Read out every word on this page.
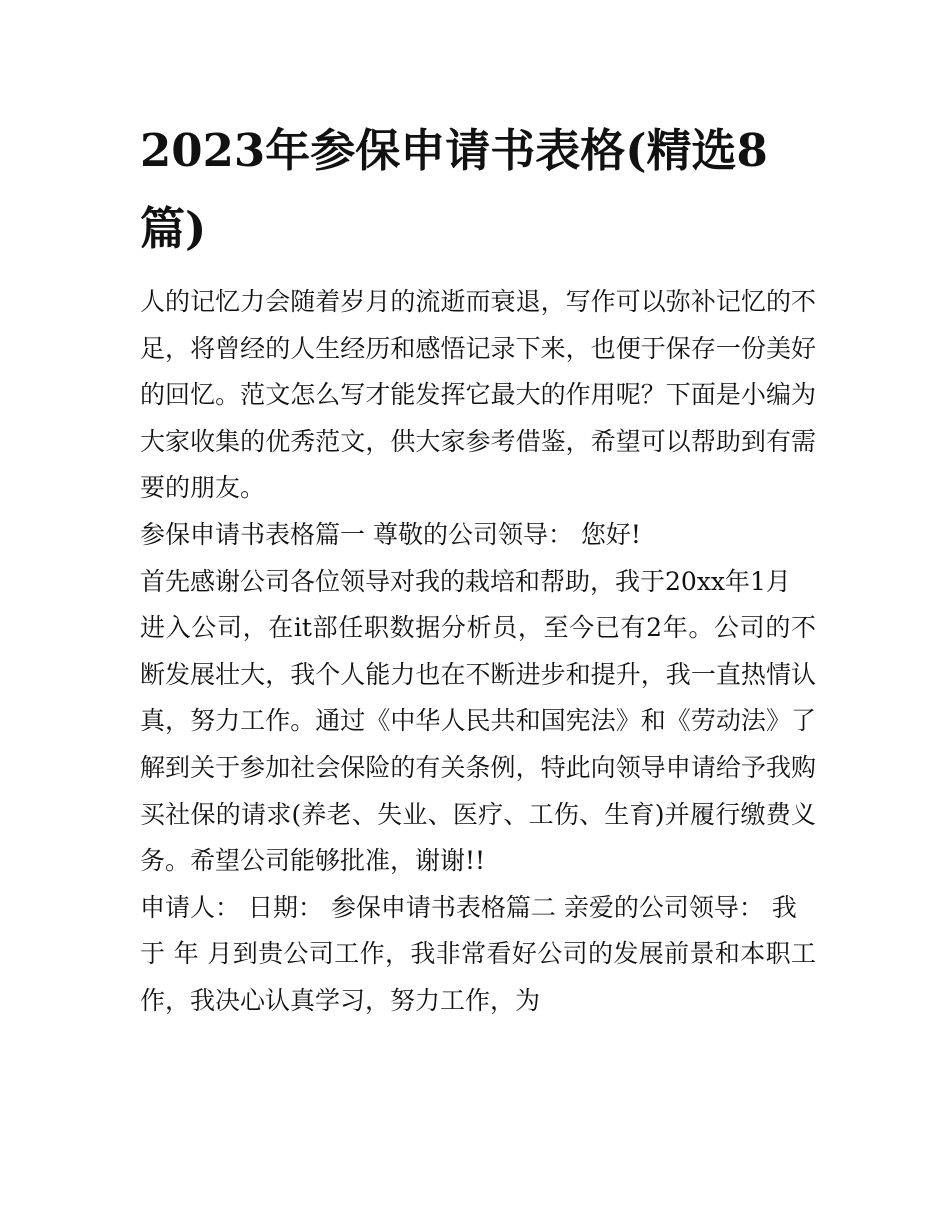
2023年参保申请书表格(精选8
篇)
人的记忆力会随着岁月的流逝而衰退，写作可以弥补记忆的不
足，将曾经的人生经历和感悟记录下来，也便于保存一份美好
的回忆。范文怎么写才能发挥它最大的作用呢？下面是小编为
大家收集的优秀范文，供大家参考借鉴，希望可以帮助到有需
要的朋友。
参保申请书表格篇一 尊敬的公司领导： 您好!
首先感谢公司各位领导对我的栽培和帮助，我于20xx年1月
进入公司，在it部任职数据分析员，至今已有2年。公司的不
断发展壮大，我个人能力也在不断进步和提升，我一直热情认
真，努力工作。通过《中华人民共和国宪法》和《劳动法》了
解到关于参加社会保险的有关条例，特此向领导申请给予我购
买社保的请求(养老、失业、医疗、工伤、生育)并履行缴费义
务。希望公司能够批准，谢谢!!
申请人： 日期： 参保申请书表格篇二 亲爱的公司领导： 我
于 年 月到贵公司工作，我非常看好公司的发展前景和本职工
作，我决心认真学习，努力工作，为
